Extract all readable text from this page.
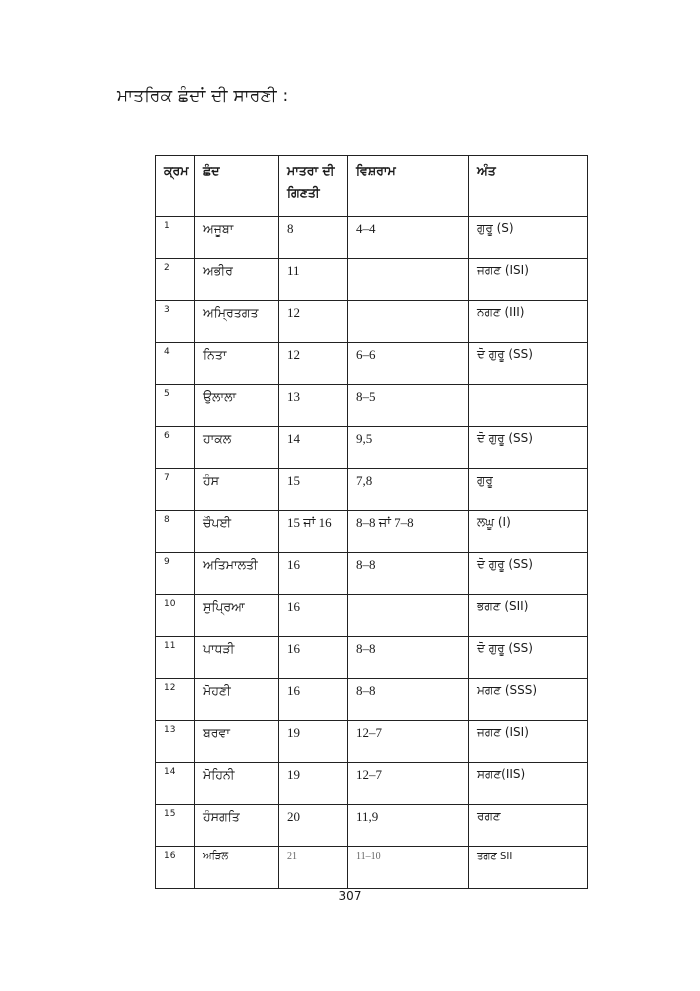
ਮਾਤਰਿਕ ਛੰਦਾਂ ਦੀ ਸਾਰਣੀ :
ਕ੍ਰਮ	ਛੰਦ	ਮਾਤਰਾ ਦੀ ਗਿਣਤੀ	ਵਿਸ਼ਰਾਮ	ਅੰਤ
1	ਅਜੂਬਾ	8	4–4	ਗੁਰੂ (S)
2	ਅਭੀਰ	11		ਜਗਣ (ISI)
3	ਅਮ੍ਰਿਤਗਤ	12		ਨਗਣ (III)
4	ਨਿਤਾ	12	6–6	ਦੋ ਗੁਰੂ (SS)
5	ਉਲਾਲਾ	13	8–5	
6	ਹਾਕਲ	14	9,5	ਦੋ ਗੁਰੂ (SS)
7	ਹੰਸ	15	7,8	ਗੁਰੂ
8	ਚੌਪਈ	15 ਜਾਂ 16	8–8 ਜਾਂ 7–8	ਲਘੂ (I)
9	ਅਤਿਮਾਲਤੀ	16	8–8	ਦੋ ਗੁਰੂ (SS)
10	ਸੁਪ੍ਰਿਆ	16		ਭਗਣ (SII)
11	ਪਾਧੜੀ	16	8–8	ਦੋ ਗੁਰੂ (SS)
12	ਮੋਹਣੀ	16	8–8	ਮਗਣ (SSS)
13	ਬਰਵਾ	19	12–7	ਜਗਣ (ISI)
14	ਮੋਹਿਨੀ	19	12–7	ਸਗਣ(IIS)
15	ਹੰਸਗਤਿ	20	11,9	ਰਗਣ
16	ਅੜਿਲ	21	11–10	ਤਗਣ SII
307
